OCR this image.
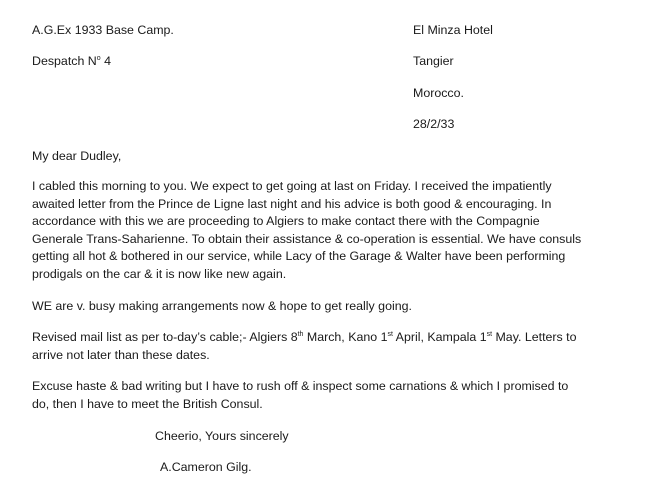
A.G.Ex 1933 Base Camp.	El Minza Hotel
Despatch $N^o$ 4	Tangier
Morocco.
28/2/33
My dear Dudley,
I cabled this morning to you. We expect to get going at last on Friday. I received the impatiently
awaited letter from the Prince de Ligne last night and his advice is both good & encouraging. In
accordance with this we are proceeding to Algiers to make contact there with the Compagnie
Generale Trans-Saharienne. To obtain their assistance & co-operation is essential. We have consuls
getting all hot & bothered in our service, while Lacy of the Garage & Walter have been performing
prodigals on the car & it is now like new again.
WE are v. busy making arrangements now & hope to get really going.
Revised mail list as per to-day’s cable;- Algiers 8th March, Kano 1st April, Kampala 1st May. Letters to
arrive not later than these dates.
Excuse haste & bad writing but I have to rush off & inspect some carnations & which I promised to
do, then I have to meet the British Consul.
Cheerio, Yours sincerely
A.Cameron Gilg.
